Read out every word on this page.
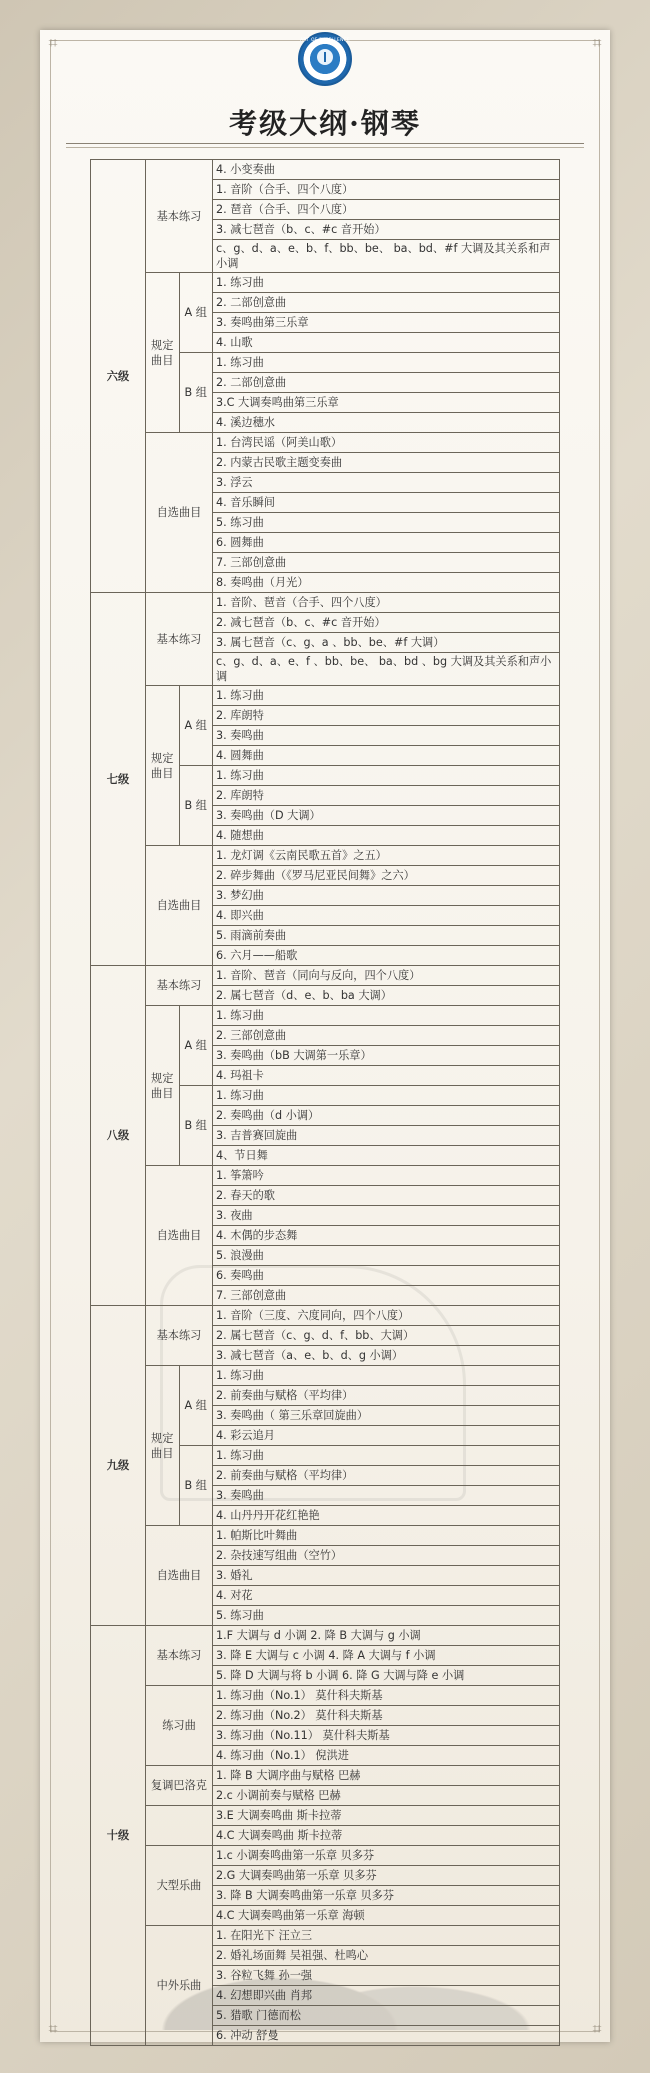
⌗	⌗
⌗	⌗
ART OF EXCELLENCE
考级大纲·钢琴
六级	基本练习		4. 小变奏曲
			1. 音阶（合手、四个八度）
			2. 琶音（合手、四个八度）
			3. 减七琶音（b、c、#c 音开始）
			c、g、d、a、e、b、f、bb、be、 ba、bd、#f 大调及其关系和声小调
	规定曲目	A 组	1. 练习曲
			2. 二部创意曲
			3. 奏鸣曲第三乐章
			4. 山歌
		B 组	1. 练习曲
			2. 二部创意曲
			3.C 大调奏鸣曲第三乐章
			4. 溪边穗水
	自选曲目		1. 台湾民谣（阿美山歌）
			2. 内蒙古民歌主题变奏曲
			3. 浮云
			4. 音乐瞬间
			5. 练习曲
			6. 圆舞曲
			7. 三部创意曲
			8. 奏鸣曲（月光）
七级	基本练习		1. 音阶、琶音（合手、四个八度）
			2. 减七琶音（b、c、#c 音开始）
			3. 属七琶音（c、g、a 、bb、be、#f 大调）
			c、g、d、a、e、f 、bb、be、 ba、bd 、bg 大调及其关系和声小调
	规定曲目	A 组	1. 练习曲
			2. 库朗特
			3. 奏鸣曲
			4. 圆舞曲
		B 组	1. 练习曲
			2. 库朗特
			3. 奏鸣曲（D 大调）
			4. 随想曲
	自选曲目		1. 龙灯调《云南民歌五首》之五）
			2. 碎步舞曲（《罗马尼亚民间舞》之六）
			3. 梦幻曲
			4. 即兴曲
			5. 雨滴前奏曲
			6. 六月——船歌
八级	基本练习		1. 音阶、琶音（同向与反向，四个八度）
			2. 属七琶音（d、e、b、ba 大调）
	规定曲目	A 组	1. 练习曲
			2. 三部创意曲
			3. 奏鸣曲（bB 大调第一乐章）
			4. 玛祖卡
		B 组	1. 练习曲
			2. 奏鸣曲（d 小调）
			3. 吉普赛回旋曲
			4、节日舞
	自选曲目		1. 筝箫吟
			2. 春天的歌
			3. 夜曲
			4. 木偶的步态舞
			5. 浪漫曲
			6. 奏鸣曲
			7. 三部创意曲
九级	基本练习		1. 音阶（三度、六度同向，四个八度）
			2. 属七琶音（c、g、d、f、bb、大调）
			3. 减七琶音（a、e、b、d、g 小调）
	规定曲目	A 组	1. 练习曲
			2. 前奏曲与赋格（平均律）
			3. 奏鸣曲（ 第三乐章回旋曲）
			4. 彩云追月
		B 组	1. 练习曲
			2. 前奏曲与赋格（平均律）
			3. 奏鸣曲
			4. 山丹丹开花红艳艳
	自选曲目		1. 帕斯比叶舞曲
			2. 杂技速写组曲（空竹）
			3. 婚礼
			4. 对花
			5. 练习曲
十级	基本练习		1.F 大调与 d 小调 2. 降 B 大调与 g 小调
			3. 降 E 大调与 c 小调 4. 降 A 大调与 f 小调
			5. 降 D 大调与将 b 小调 6. 降 G 大调与降 e 小调
	练习曲		1. 练习曲（No.1） 莫什科夫斯基
			2. 练习曲（No.2） 莫什科夫斯基
			3. 练习曲（No.11） 莫什科夫斯基
			4. 练习曲（No.1） 倪洪进
	复调巴洛克		1. 降 B 大调序曲与赋格 巴赫
			2.c 小调前奏与赋格 巴赫
			3.E 大调奏鸣曲 斯卡拉蒂
			4.C 大调奏鸣曲 斯卡拉蒂
	大型乐曲		1.c 小调奏鸣曲第一乐章 贝多芬
			2.G 大调奏鸣曲第一乐章 贝多芬
			3. 降 B 大调奏鸣曲第一乐章 贝多芬
			4.C 大调奏鸣曲第一乐章 海顿
	中外乐曲		1. 在阳光下 汪立三
			2. 婚礼场面舞 吴祖强、杜鸣心
			3. 谷粒飞舞 孙一强
			4. 幻想即兴曲 肖邦
			5. 猎歌 门德而松
			6. 冲动 舒曼
